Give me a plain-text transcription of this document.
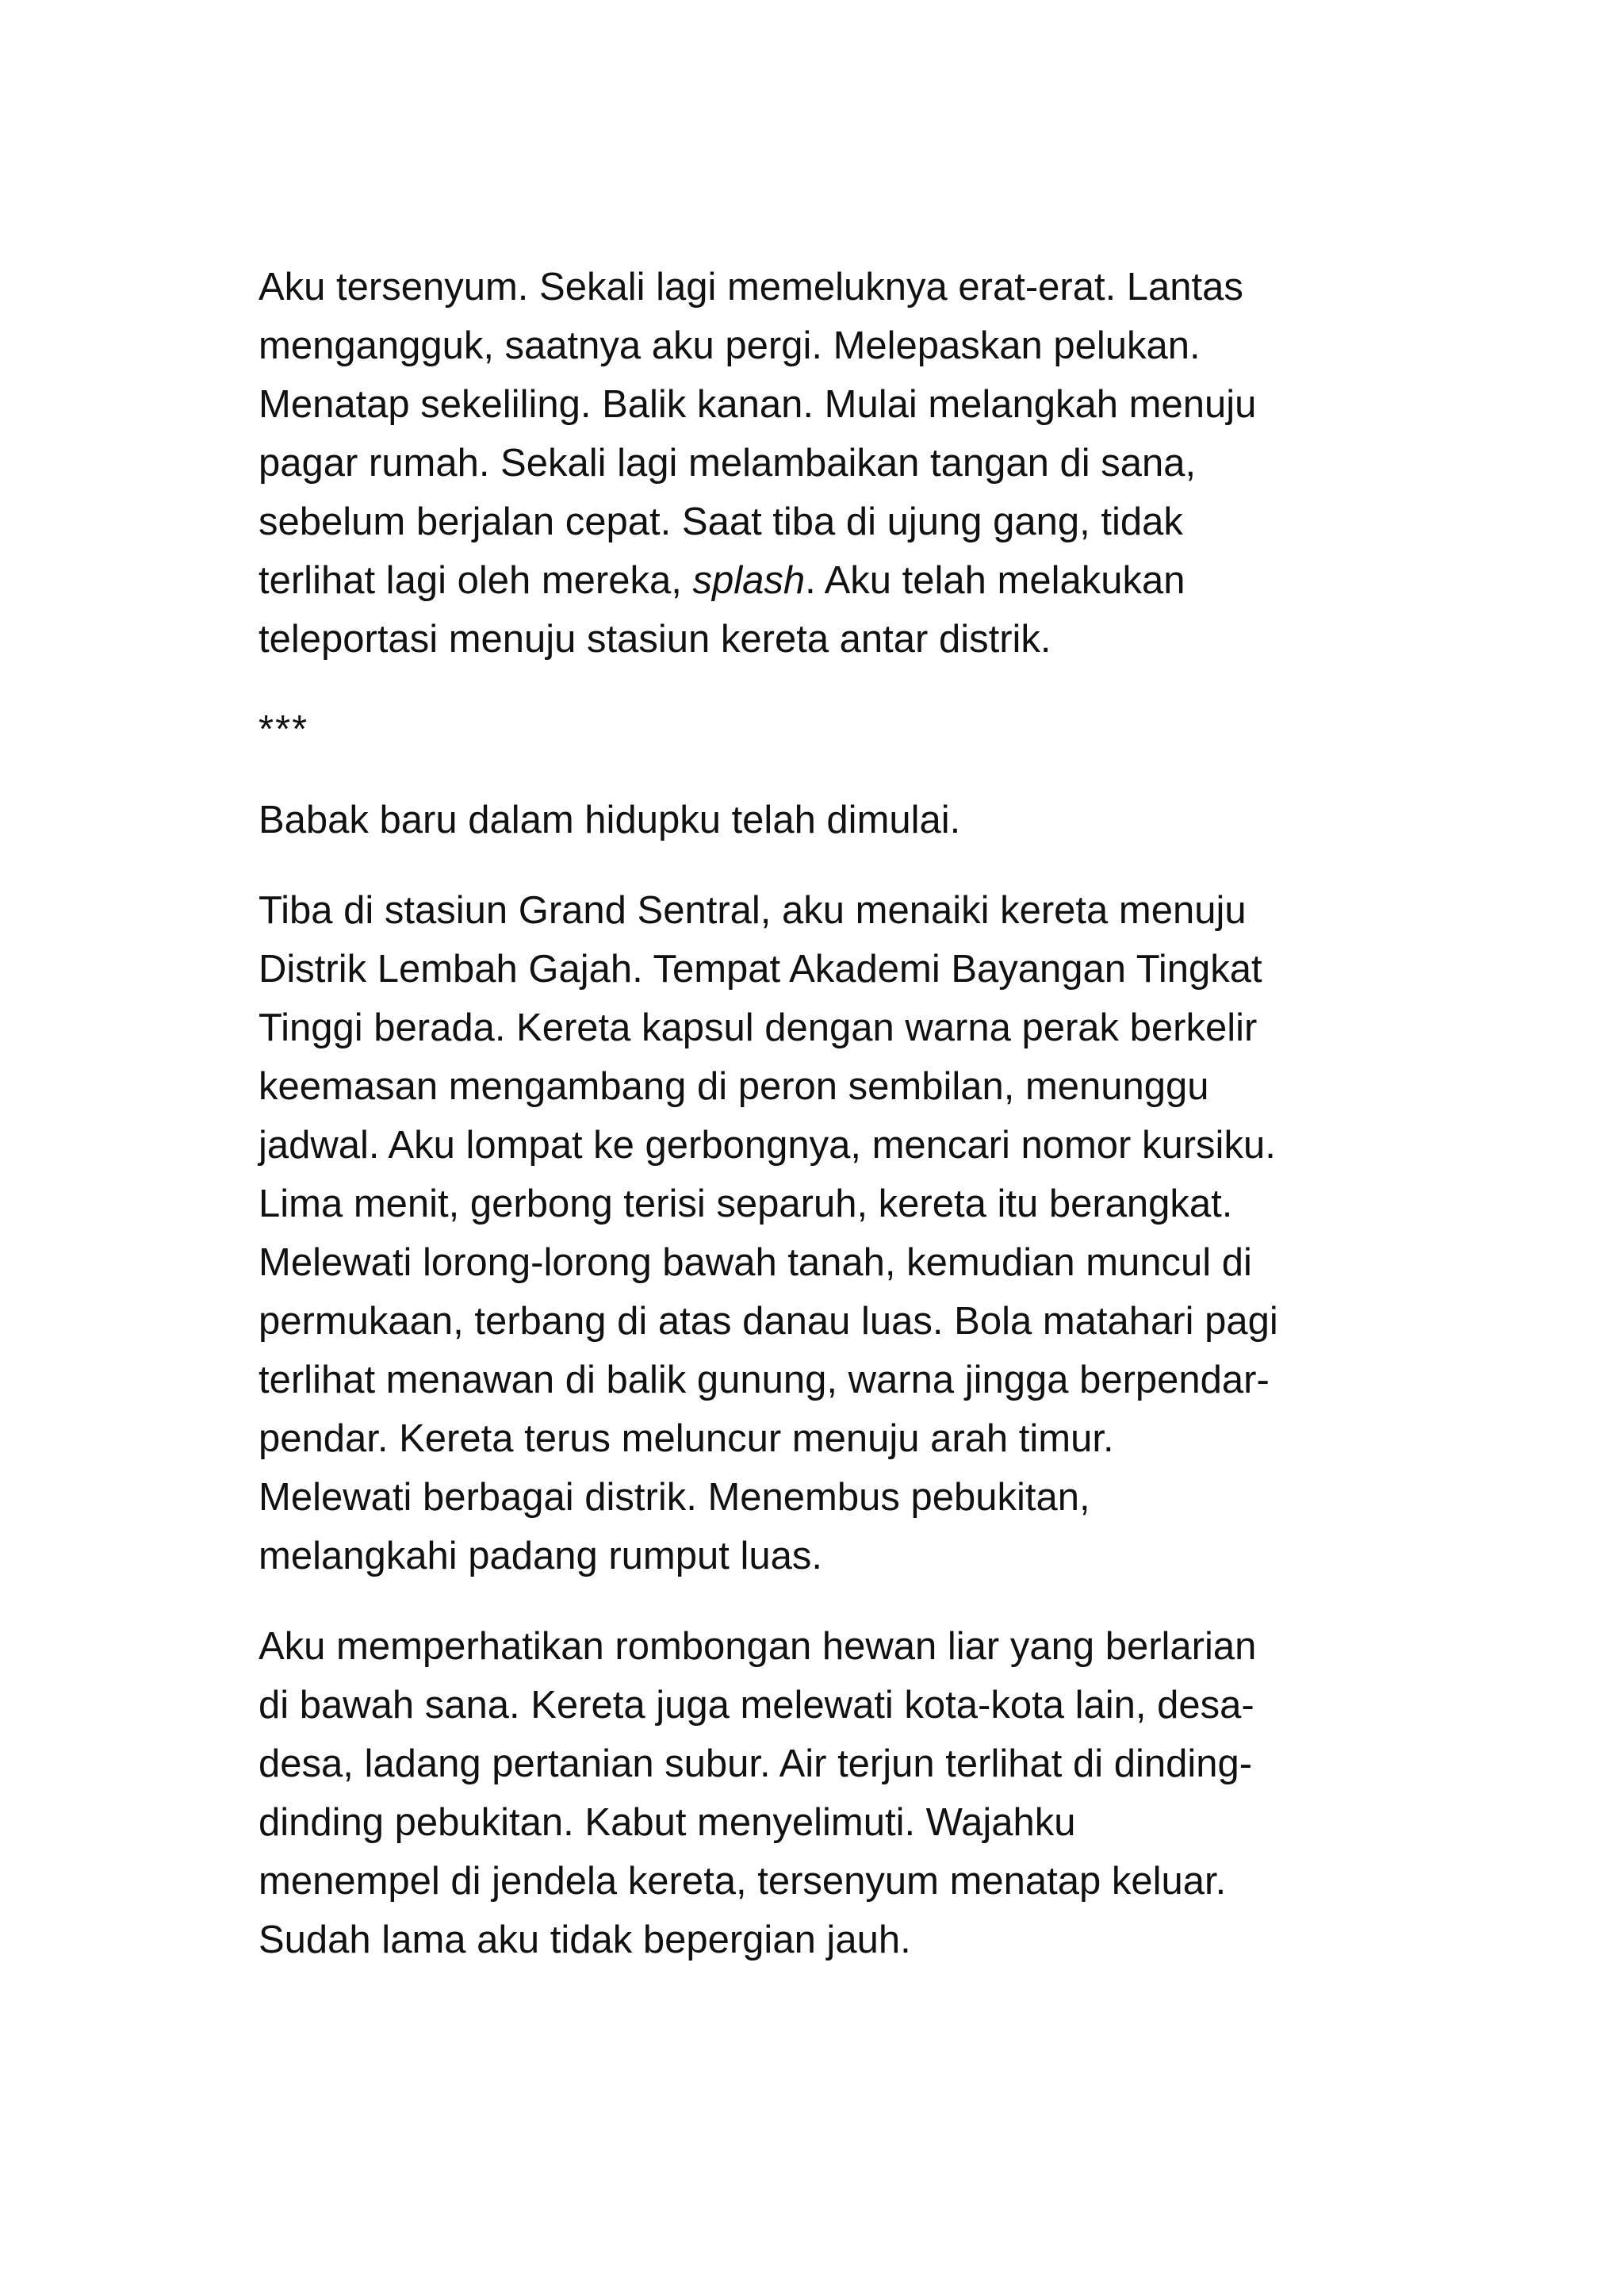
Aku tersenyum. Sekali lagi memeluknya erat-erat. Lantas
mengangguk, saatnya aku pergi. Melepaskan pelukan.
Menatap sekeliling. Balik kanan. Mulai melangkah menuju
pagar rumah. Sekali lagi melambaikan tangan di sana,
sebelum berjalan cepat. Saat tiba di ujung gang, tidak
terlihat lagi oleh mereka, splash. Aku telah melakukan
teleportasi menuju stasiun kereta antar distrik.

***

Babak baru dalam hidupku telah dimulai.

Tiba di stasiun Grand Sentral, aku menaiki kereta menuju
Distrik Lembah Gajah. Tempat Akademi Bayangan Tingkat
Tinggi berada. Kereta kapsul dengan warna perak berkelir
keemasan mengambang di peron sembilan, menunggu
jadwal. Aku lompat ke gerbongnya, mencari nomor kursiku.
Lima menit, gerbong terisi separuh, kereta itu berangkat.
Melewati lorong-lorong bawah tanah, kemudian muncul di
permukaan, terbang di atas danau luas. Bola matahari pagi
terlihat menawan di balik gunung, warna jingga berpendar-
pendar. Kereta terus meluncur menuju arah timur.
Melewati berbagai distrik. Menembus pebukitan,
melangkahi padang rumput luas.

Aku memperhatikan rombongan hewan liar yang berlarian
di bawah sana. Kereta juga melewati kota-kota lain, desa-
desa, ladang pertanian subur. Air terjun terlihat di dinding-
dinding pebukitan. Kabut menyelimuti. Wajahku
menempel di jendela kereta, tersenyum menatap keluar.
Sudah lama aku tidak bepergian jauh.
